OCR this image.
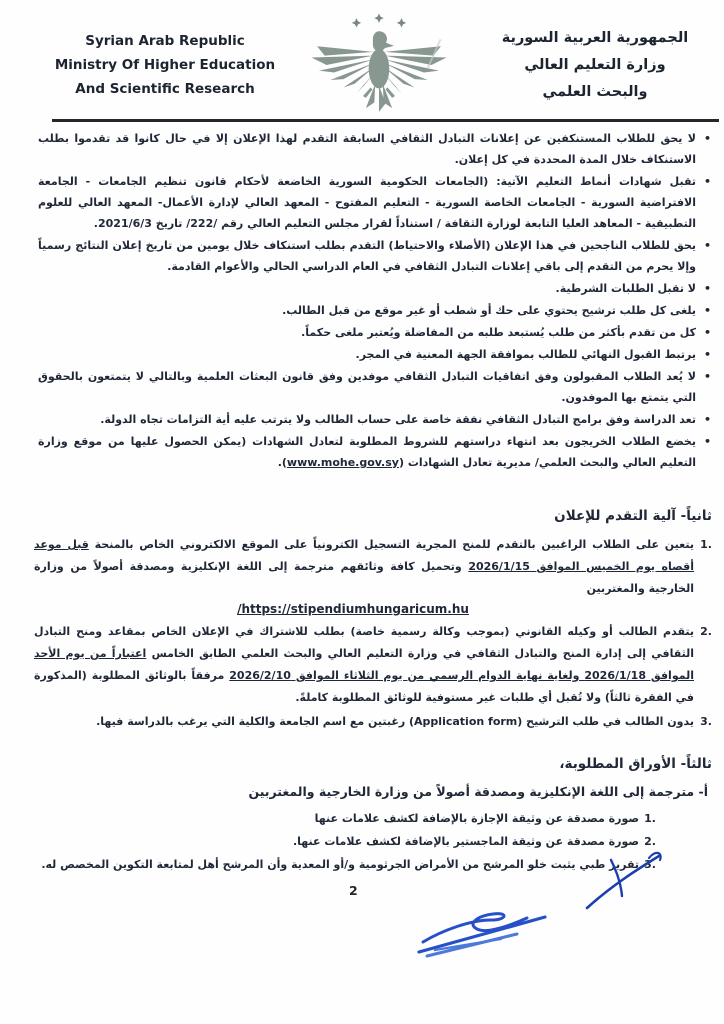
Syrian Arab Republic
Ministry Of Higher Education
And Scientific Research
الجمهورية العربية السورية
وزارة التعليم العالي
والبحث العلمي
•
لا يحق للطلاب المستنكفين عن إعلانات التبادل الثقافي السابقة التقدم لهذا الإعلان إلا في حال كانوا قد تقدموا بطلب الاستنكاف خلال المدة المحددة في كل إعلان.
•
تقبل شهادات أنماط التعليم الآتية: (الجامعات الحكومية السورية الخاضعة لأحكام قانون تنظيم الجامعات - الجامعة الافتراضية السورية - الجامعات الخاصة السورية - التعليم المفتوح - المعهد العالي لإدارة الأعمال- المعهد العالي للعلوم التطبيقية - المعاهد العليا التابعة لوزارة الثقافة / استناداً لقرار مجلس التعليم العالي رقم /222/ تاريخ 2021/6/3.
•
يحق للطلاب الناجحين في هذا الإعلان (الأصلاء والاحتياط) التقدم بطلب استنكاف خلال يومين من تاريخ إعلان النتائج رسمياً وإلا يحرم من التقدم إلى باقي إعلانات التبادل الثقافي في العام الدراسي الحالي والأعوام القادمة.
•
لا تقبل الطلبات الشرطية.
•
يلغى كل طلب ترشيح يحتوي على حك أو شطب أو غير موقع من قبل الطالب.
•
كل من تقدم بأكثر من طلب يُستبعد طلبه من المفاضلة ويُعتبر ملغى حكماً.
•
يرتبط القبول النهائي للطالب بموافقة الجهة المعنية في المجر.
•
لا يُعد الطلاب المقبولون وفق اتفاقيات التبادل الثقافي موفدين وفق قانون البعثات العلمية وبالتالي لا يتمتعون بالحقوق التي يتمتع بها الموفدون.
•
تعد الدراسة وفق برامج التبادل الثقافي نفقة خاصة على حساب الطالب ولا يترتب عليه أية التزامات تجاه الدولة.
•
يخضع الطلاب الخريجون بعد انتهاء دراستهم للشروط المطلوبة لتعادل الشهادات (يمكن الحصول عليها من موقع وزارة التعليم العالي والبحث العلمي/ مديرية تعادل الشهادات (www.mohe.gov.sy).
ثانياً- آلية التقدم للإعلان
1.
يتعين على الطلاب الراغبين بالتقدم للمنح المجرية التسجيل الكترونياً على الموقع الالكتروني الخاص بالمنحة قبل موعد أقصاه يوم الخميس الموافق 2026/1/15 وتحميل كافة وثائقهم مترجمة إلى اللغة الإنكليزية ومصدقة أصولاً من وزارة الخارجية والمغتربين
/https://stipendiumhungaricum.hu
2.
يتقدم الطالب أو وكيله القانوني (بموجب وكالة رسمية خاصة) بطلب للاشتراك في الإعلان الخاص بمقاعد ومنح التبادل الثقافي إلى إدارة المنح والتبادل الثقافي في وزارة التعليم العالي والبحث العلمي الطابق الخامس اعتباراً من يوم الأحد الموافق 2026/1/18 ولغاية نهاية الدوام الرسمي من يوم الثلاثاء الموافق 2026/2/10 مرفقاً بالوثائق المطلوبة (المذكورة في الفقرة ثالثاً) ولا تُقبل أي طلبات غير مستوفية للوثائق المطلوبة كاملةً.
3.
يدون الطالب في طلب الترشيح (Application form) رغبتين مع اسم الجامعة والكلية التي يرغب بالدراسة فيها.
ثالثاً- الأوراق المطلوبة،
أ- مترجمة إلى اللغة الإنكليزية ومصدقة أصولاً من وزارة الخارجية والمغتربين
1.
صورة مصدقة عن وثيقة الإجازة بالإضافة لكشف علامات عنها
2.
صورة مصدقة عن وثيقة الماجستير بالإضافة لكشف علامات عنها.
3.
تقرير طبي يثبت خلو المرشح من الأمراض الجرثومية و/أو المعدية وأن المرشح أهل لمتابعة التكوين المخصص له.
2
